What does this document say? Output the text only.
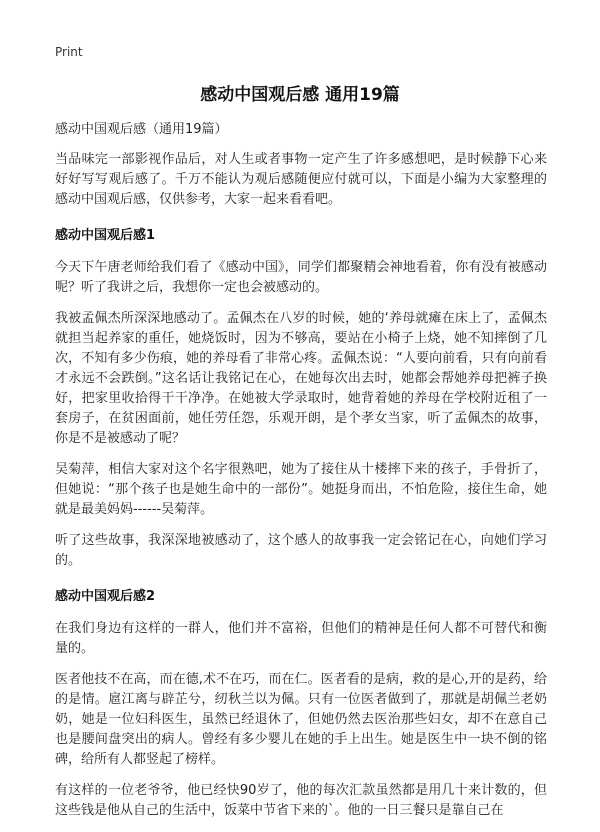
Print
感动中国观后感 通用19篇

感动中国观后感（通用19篇）

当品味完一部影视作品后，对人生或者事物一定产生了许多感想吧，是时候静下心来好好写写观后感了。千万不能认为观后感随便应付就可以，下面是小编为大家整理的感动中国观后感，仅供参考，大家一起来看看吧。

感动中国观后感1

今天下午唐老师给我们看了《感动中国》，同学们都聚精会神地看着，你有没有被感动呢？听了我讲之后，我想你一定也会被感动的。

我被孟佩杰所深深地感动了。孟佩杰在八岁的时候，她的‘养母就瘫在床上了，孟佩杰就担当起养家的重任，她烧饭时，因为不够高，要站在小椅子上烧，她不知摔倒了几次，不知有多少伤痕，她的养母看了非常心疼。孟佩杰说：“人要向前看，只有向前看才永远不会跌倒。”这名话让我铭记在心，在她每次出去时，她都会帮她养母把裤子换好，把家里收拾得干干净净。在她被大学录取时，她背着她的养母在学校附近租了一套房子，在贫困面前，她任劳任怨，乐观开朗，是个孝女当家，听了孟佩杰的故事，你是不是被感动了呢？

吴菊萍，相信大家对这个名字很熟吧，她为了接住从十楼摔下来的孩子，手骨折了，但她说：“那个孩子也是她生命中的一部份”。她挺身而出，不怕危险，接住生命，她就是最美妈妈------吴菊萍。

听了这些故事，我深深地被感动了，这个感人的故事我一定会铭记在心，向她们学习的。

感动中国观后感2

在我们身边有这样的一群人，他们并不富裕，但他们的精神是任何人都不可替代和衡量的。

医者他技不在高，而在德,术不在巧，而在仁。医者看的是病，救的是心,开的是药，给的是情。扈江离与辟芷兮，纫秋兰以为佩。只有一位医者做到了，那就是胡佩兰老奶奶，她是一位妇科医生，虽然已经退休了，但她仍然去医治那些妇女，却不在意自己也是腰间盘突出的病人。曾经有多少婴儿在她的手上出生。她是医生中一块不倒的铭碑，给所有人都竖起了榜样。

有这样的一位老爷爷，他已经快90岁了，他的每次汇款虽然都是用几十来计数的，但这些钱是他从自己的生活中，饭菜中节省下来的`。他的一日三餐只是靠自己在
